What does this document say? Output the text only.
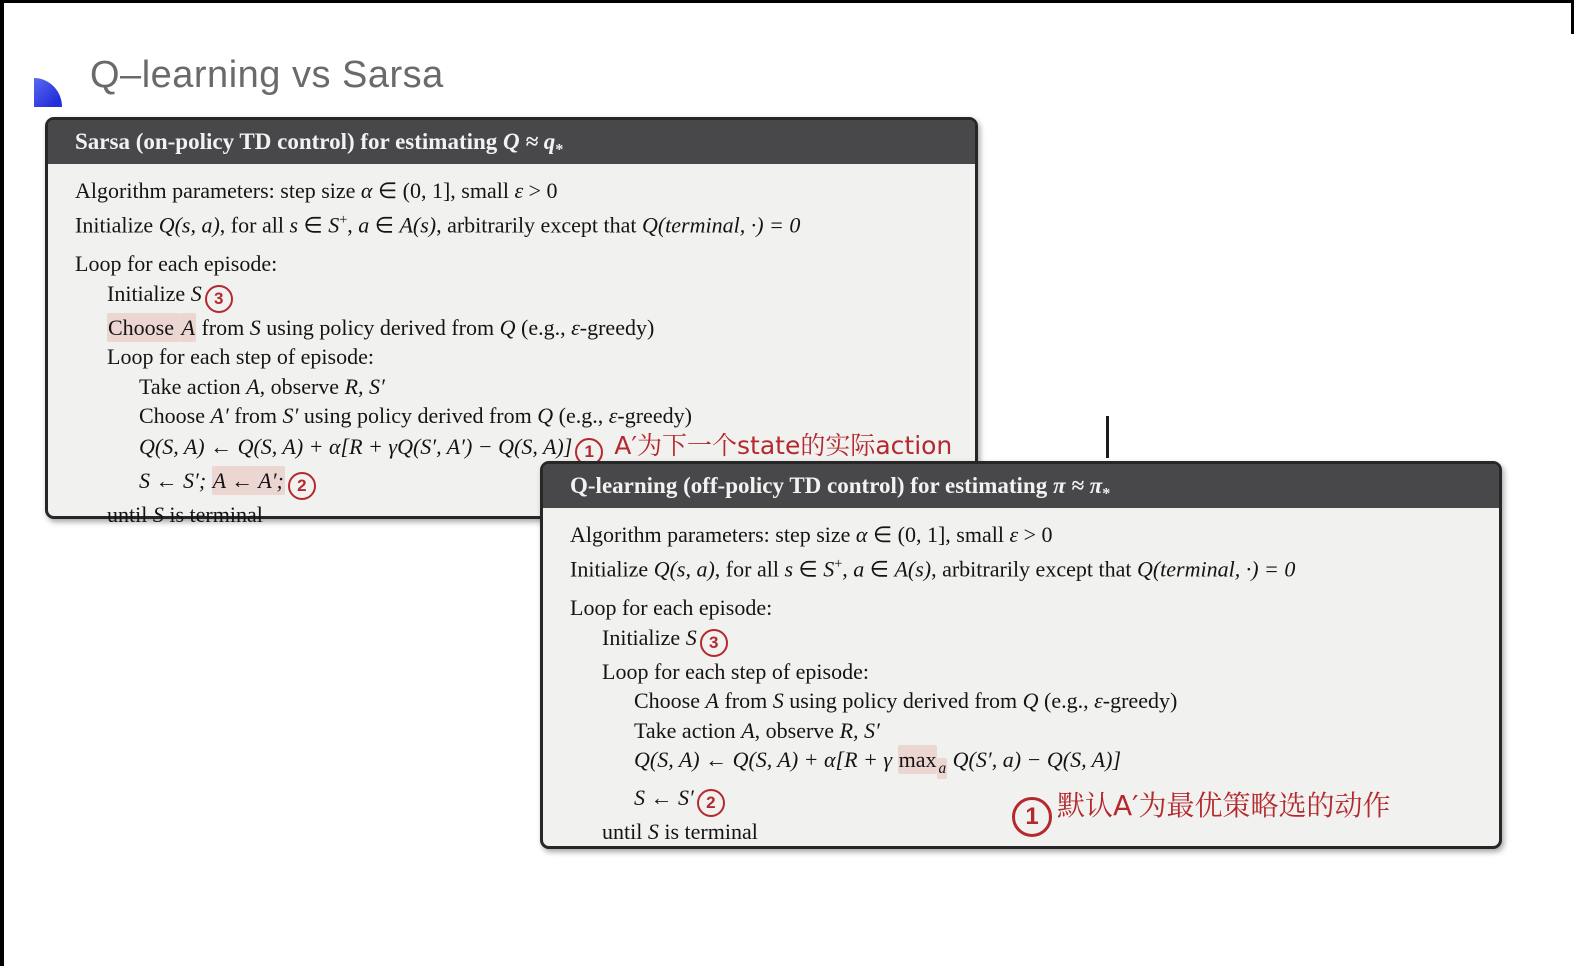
Q–learning vs Sarsa
Sarsa (on-policy TD control) for estimating $Q \approx q_*$
Algorithm parameters: step size α ∈ (0, 1], small ε > 0
Initialize Q(s, a), for all s ∈ S+, a ∈ A(s), arbitrarily except that Q(terminal, ·) = 0
Loop for each episode:
Initialize S 3
Choose A from S using policy derived from Q (e.g., ε-greedy)
Loop for each step of episode:
Take action A, observe R, S′
Choose A′ from S′ using policy derived from Q (e.g., ε-greedy)
Q(S, A) ← Q(S, A) + α[R + γQ(S′, A′) − Q(S, A)] 1 A′为下一个state的实际action
S ← S′; A ← A′; 2
until S is terminal
Q-learning (off-policy TD control) for estimating $\pi \approx \pi_*$
Algorithm parameters: step size α ∈ (0, 1], small ε > 0
Initialize Q(s, a), for all s ∈ S+, a ∈ A(s), arbitrarily except that Q(terminal, ·) = 0
Loop for each episode:
Initialize S 3
Loop for each step of episode:
Choose A from S using policy derived from Q (e.g., ε-greedy)
Take action A, observe R, S′
Q(S, A) ← Q(S, A) + α[R + γ max $_a$ Q(S′, a) − Q(S, A)]
S ← S′ 2
until S is terminal
1 默认A′为最优策略选的动作
